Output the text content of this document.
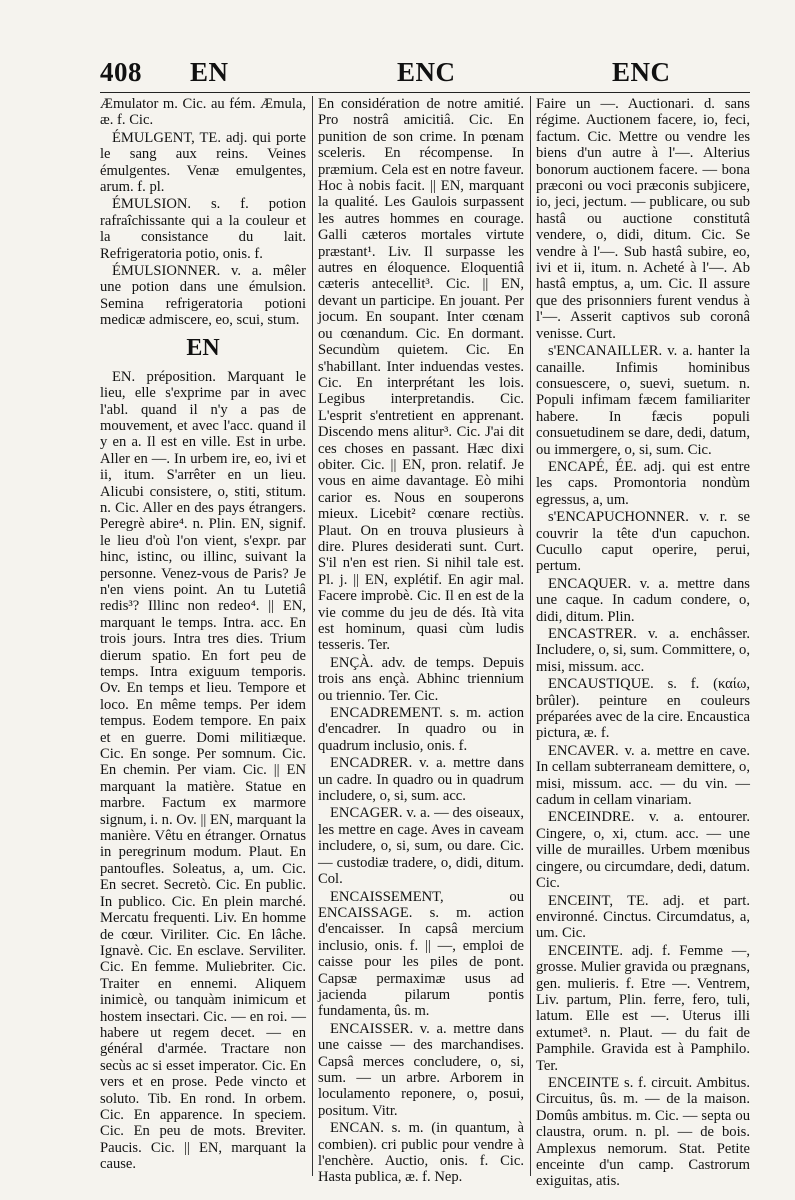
408 EN	ENC	ENC

Æmulator m. Cic. au fém. Æmula, æ. f. Cic.

ÉMULGENT, TE. adj. qui porte le sang aux reins. Veines émulgentes. Venæ emulgentes, arum. f. pl.

ÉMULSION. s. f. potion rafraîchissante qui a la couleur et la consistance du lait. Refrigeratoria potio, onis. f.

ÉMULSIONNER. v. a. mêler une potion dans une émulsion. Semina refrigeratoria potioni medicæ admiscere, eo, scui, stum.

EN

EN. préposition. Marquant le lieu, elle s'exprime par in avec l'abl. quand il n'y a pas de mouvement, et avec l'acc. quand il y en a. Il est en ville. Est in urbe. Aller en —. In urbem ire, eo, ivi et ii, itum. S'arrêter en un lieu. Alicubi consistere, o, stiti, stitum. n. Cic. Aller en des pays étrangers. Peregrè abire⁴. n. Plin. EN, signif. le lieu d'où l'on vient, s'expr. par hinc, istinc, ou illinc, suivant la personne. Venez-vous de Paris? Je n'en viens point. An tu Lutetiâ redis³? Illinc non redeo⁴. || EN, marquant le temps. Intra. acc. En trois jours. Intra tres dies. Trium dierum spatio. En fort peu de temps. Intra exiguum temporis. Ov. En temps et lieu. Tempore et loco. En même temps. Per idem tempus. Eodem tempore. En paix et en guerre. Domi militiæque. Cic. En songe. Per somnum. Cic. En chemin. Per viam. Cic. || EN marquant la matière. Statue en marbre. Factum ex marmore signum, i. n. Ov. || EN, marquant la manière. Vêtu en étranger. Ornatus in peregrinum modum. Plaut. En pantoufles. Soleatus, a, um. Cic. En secret. Secretò. Cic. En public. In publico. Cic. En plein marché. Mercatu frequenti. Liv. En homme de cœur. Viriliter. Cic. En lâche. Ignavè. Cic. En esclave. Serviliter. Cic. En femme. Muliebriter. Cic. Traiter en ennemi. Aliquem inimicè, ou tanquàm inimicum et hostem insectari. Cic. — en roi. — habere ut regem decet. — en général d'armée. Tractare non secùs ac si esset imperator. Cic. En vers et en prose. Pede vincto et soluto. Tib. En rond. In orbem. Cic. En apparence. In speciem. Cic. En peu de mots. Breviter. Paucis. Cic. || EN, marquant la cause.

En considération de notre amitié. Pro nostrâ amicitiâ. Cic. En punition de son crime. In pœnam sceleris. En récompense. In præmium. Cela est en notre faveur. Hoc à nobis facit. || EN, marquant la qualité. Les Gaulois surpassent les autres hommes en courage. Galli cæteros mortales virtute præstant¹. Liv. Il surpasse les autres en éloquence. Eloquentiâ cæteris antecellit³. Cic. || EN, devant un participe. En jouant. Per jocum. En soupant. Inter cœnam ou cœnandum. Cic. En dormant. Secundùm quietem. Cic. En s'habillant. Inter induendas vestes. Cic. En interprétant les lois. Legibus interpretandis. Cic. L'esprit s'entretient en apprenant. Discendo mens alitur³. Cic. J'ai dit ces choses en passant. Hæc dixi obiter. Cic. || EN, pron. relatif. Je vous en aime davantage. Eò mihi carior es. Nous en souperons mieux. Licebit² cœnare rectiùs. Plaut. On en trouva plusieurs à dire. Plures desiderati sunt. Curt. S'il n'en est rien. Si nihil tale est. Pl. j. || EN, explétif. En agir mal. Facere improbè. Cic. Il en est de la vie comme du jeu de dés. Ità vita est hominum, quasi cùm ludis tesseris. Ter.

ENÇÀ. adv. de temps. Depuis trois ans ençà. Abhinc triennium ou triennio. Ter. Cic.

ENCADREMENT. s. m. action d'encadrer. In quadro ou in quadrum inclusio, onis. f.

ENCADRER. v. a. mettre dans un cadre. In quadro ou in quadrum includere, o, si, sum. acc.

ENCAGER. v. a. — des oiseaux, les mettre en cage. Aves in caveam includere, o, si, sum, ou dare. Cic. — custodiæ tradere, o, didi, ditum. Col.

ENCAISSEMENT, ou ENCAISSAGE. s. m. action d'encaisser. In capsâ mercium inclusio, onis. f. || —, emploi de caisse pour les piles de pont. Capsæ permaximæ usus ad jacienda pilarum pontis fundamenta, ûs. m.

ENCAISSER. v. a. mettre dans une caisse — des marchandises. Capsâ merces concludere, o, si, sum. — un arbre. Arborem in loculamento reponere, o, posui, positum. Vitr.

ENCAN. s. m. (in quantum, à combien). cri public pour vendre à l'enchère. Auctio, onis. f. Cic. Hasta publica, æ. f. Nep.

Faire un —. Auctionari. d. sans régime. Auctionem facere, io, feci, factum. Cic. Mettre ou vendre les biens d'un autre à l'—. Alterius bonorum auctionem facere. — bona præconi ou voci præconis subjicere, io, jeci, jectum. — publicare, ou sub hastâ ou auctione constitutâ vendere, o, didi, ditum. Cic. Se vendre à l'—. Sub hastâ subire, eo, ivi et ii, itum. n. Acheté à l'—. Ab hastâ emptus, a, um. Cic. Il assure que des prisonniers furent vendus à l'—. Asserit captivos sub coronâ venisse. Curt.

s'ENCANAILLER. v. a. hanter la canaille. Infimis hominibus consuescere, o, suevi, suetum. n. Populi infimam fæcem familiariter habere. In fæcis populi consuetudinem se dare, dedi, datum, ou immergere, o, si, sum. Cic.

ENCAPÉ, ÉE. adj. qui est entre les caps. Promontoria nondùm egressus, a, um.

s'ENCAPUCHONNER. v. r. se couvrir la tête d'un capuchon. Cucullo caput operire, perui, pertum.

ENCAQUER. v. a. mettre dans une caque. In cadum condere, o, didi, ditum. Plin.

ENCASTRER. v. a. enchâsser. Includere, o, si, sum. Committere, o, misi, missum. acc.

ENCAUSTIQUE. s. f. (καίω, brûler). peinture en couleurs préparées avec de la cire. Encaustica pictura, æ. f.

ENCAVER. v. a. mettre en cave. In cellam subterraneam demittere, o, misi, missum. acc. — du vin. — cadum in cellam vinariam.

ENCEINDRE. v. a. entourer. Cingere, o, xi, ctum. acc. — une ville de murailles. Urbem mœnibus cingere, ou circumdare, dedi, datum. Cic.

ENCEINT, TE. adj. et part. environné. Cinctus. Circumdatus, a, um. Cic.

ENCEINTE. adj. f. Femme —, grosse. Mulier gravida ou prægnans, gen. mulieris. f. Etre —. Ventrem, Liv. partum, Plin. ferre, fero, tuli, latum. Elle est —. Uterus illi extumet³. n. Plaut. — du fait de Pamphile. Gravida est à Pamphilo. Ter.

ENCEINTE s. f. circuit. Ambitus. Circuitus, ûs. m. — de la maison. Domûs ambitus. m. Cic. — septa ou claustra, orum. n. pl. — de bois. Amplexus nemorum. Stat. Petite enceinte d'un camp. Castrorum exiguitas, atis.
